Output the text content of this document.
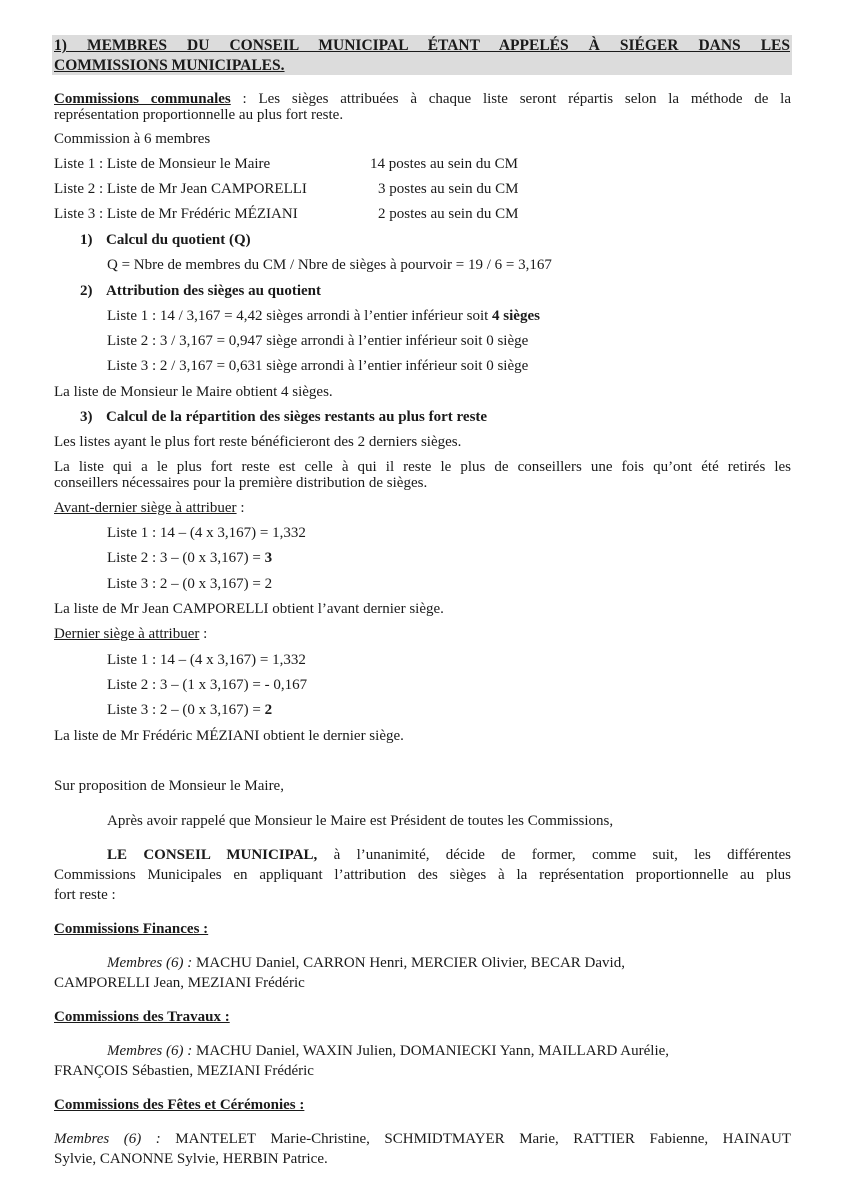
1) MEMBRES DU CONSEIL MUNICIPAL ÉTANT APPELÉS À SIÉGER DANS LES
COMMISSIONS MUNICIPALES.
Commissions communales : Les sièges attribuées à chaque liste seront répartis selon la méthode de la
représentation proportionnelle au plus fort reste.
Commission à 6 membres
Liste 1 : Liste de Monsieur le Maire	14 postes au sein du CM
Liste 2 : Liste de Mr Jean CAMPORELLI	3 postes au sein du CM
Liste 3 : Liste de Mr Frédéric MÉZIANI	2 postes au sein du CM
1) Calcul du quotient (Q)
Q = Nbre de membres du CM / Nbre de sièges à pourvoir = 19 / 6 = 3,167
2) Attribution des sièges au quotient
Liste 1 : 14 / 3,167 = 4,42 sièges arrondi à l’entier inférieur soit 4 sièges
Liste 2 : 3 / 3,167 = 0,947 siège arrondi à l’entier inférieur soit 0 siège
Liste 3 : 2 / 3,167 = 0,631 siège arrondi à l’entier inférieur soit 0 siège
La liste de Monsieur le Maire obtient 4 sièges.
3) Calcul de la répartition des sièges restants au plus fort reste
Les listes ayant le plus fort reste bénéficieront des 2 derniers sièges.
La liste qui a le plus fort reste est celle à qui il reste le plus de conseillers une fois qu’ont été retirés les
conseillers nécessaires pour la première distribution de sièges.
Avant-dernier siège à attribuer :
Liste 1 : 14 – (4 x 3,167) = 1,332
Liste 2 : 3 – (0 x 3,167) = 3
Liste 3 : 2 – (0 x 3,167) = 2
La liste de Mr Jean CAMPORELLI obtient l’avant dernier siège.
Dernier siège à attribuer :
Liste 1 : 14 – (4 x 3,167) = 1,332
Liste 2 : 3 – (1 x 3,167) = - 0,167
Liste 3 : 2 – (0 x 3,167) = 2
La liste de Mr Frédéric MÉZIANI obtient le dernier siège.
Sur proposition de Monsieur le Maire,
Après avoir rappelé que Monsieur le Maire est Président de toutes les Commissions,
LE CONSEIL MUNICIPAL, à l’unanimité, décide de former, comme suit, les différentes
Commissions Municipales en appliquant l’attribution des sièges à la représentation proportionnelle au plus
fort reste :
Commissions Finances :
Membres (6) : MACHU Daniel, CARRON Henri, MERCIER Olivier, BECAR David,
CAMPORELLI Jean, MEZIANI Frédéric
Commissions des Travaux :
Membres (6) : MACHU Daniel, WAXIN Julien, DOMANIECKI Yann, MAILLARD Aurélie,
FRANÇOIS Sébastien, MEZIANI Frédéric
Commissions des Fêtes et Cérémonies :
Membres (6) : MANTELET Marie-Christine, SCHMIDTMAYER Marie, RATTIER Fabienne, HAINAUT
Sylvie, CANONNE Sylvie, HERBIN Patrice.
